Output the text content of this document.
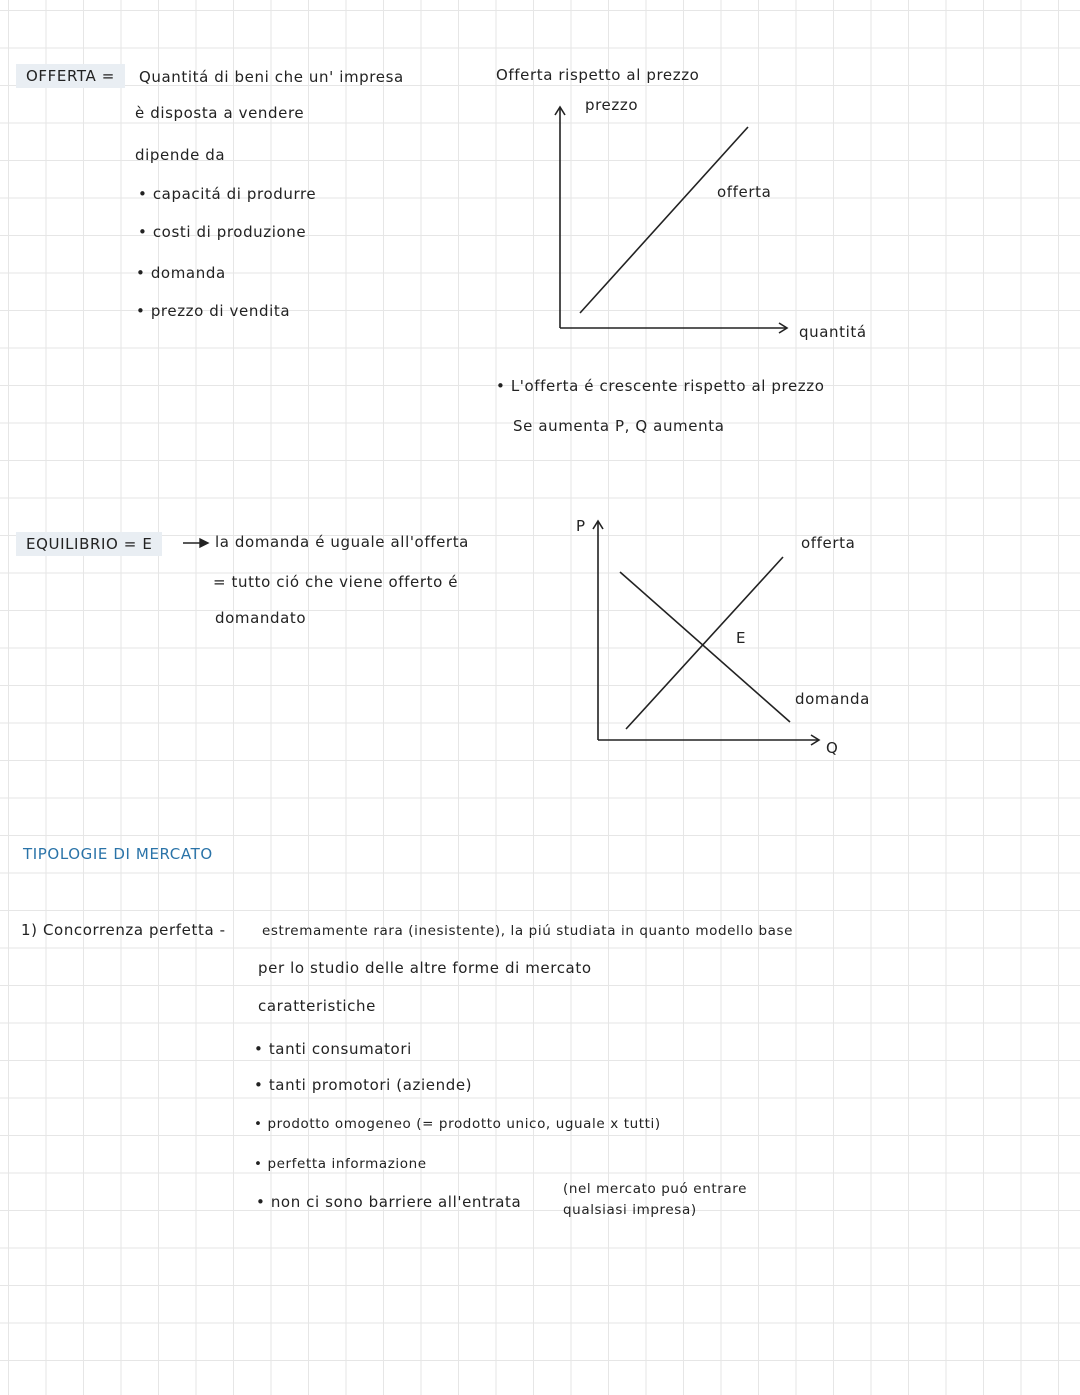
OFFERTA =	Quantitá di beni che un' impresa
è disposta a vendere
dipende da
• capacitá di produrre
• costi di produzione
• domanda
• prezzo di vendita
Offerta rispetto al prezzo
prezzo
offerta
quantitá
• L'offerta é crescente rispetto al prezzo
Se aumenta P, Q aumenta
EQUILIBRIO = E	la domanda é uguale all'offerta
= tutto ció che viene offerto é
domandato
P
offerta
E
domanda
Q
TIPOLOGIE DI MERCATO
1) Concorrenza perfetta -	estremamente rara (inesistente), la piú studiata in quanto modello base
per lo studio delle altre forme di mercato
caratteristiche
• tanti consumatori
• tanti promotori (aziende)
• prodotto omogeneo (= prodotto unico, uguale x tutti)
• perfetta informazione
• non ci sono barriere all'entrata
(nel mercato puó entrare
qualsiasi impresa)
